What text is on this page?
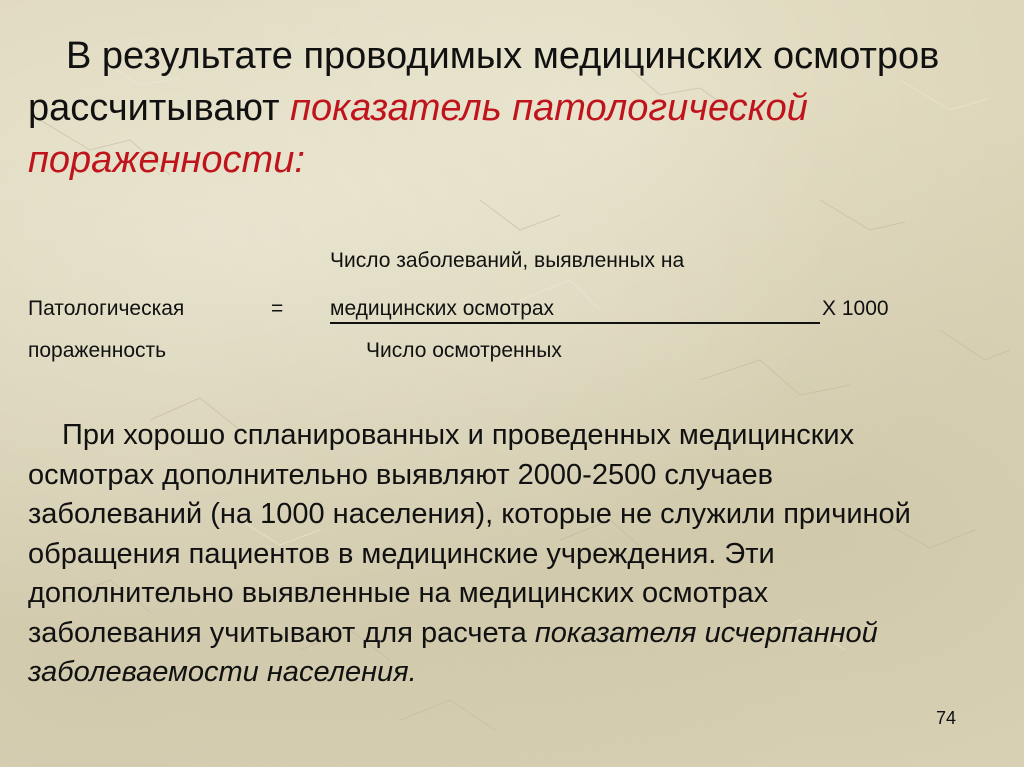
В результате проводимых медицинских осмотров рассчитывают показатель патологической пораженности:

Число заболеваний, выявленных на
Патологическая	= медицинских осмотрах	Х 1000
пораженность	Число осмотренных

При хорошо спланированных и проведенных медицинских осмотрах дополнительно выявляют 2000-2500 случаев заболеваний (на 1000 населения), которые не служили причиной обращения пациентов в медицинские учреждения. Эти дополнительно выявленные на медицинских осмотрах заболевания учитывают для расчета показателя исчерпанной заболеваемости населения.

74
